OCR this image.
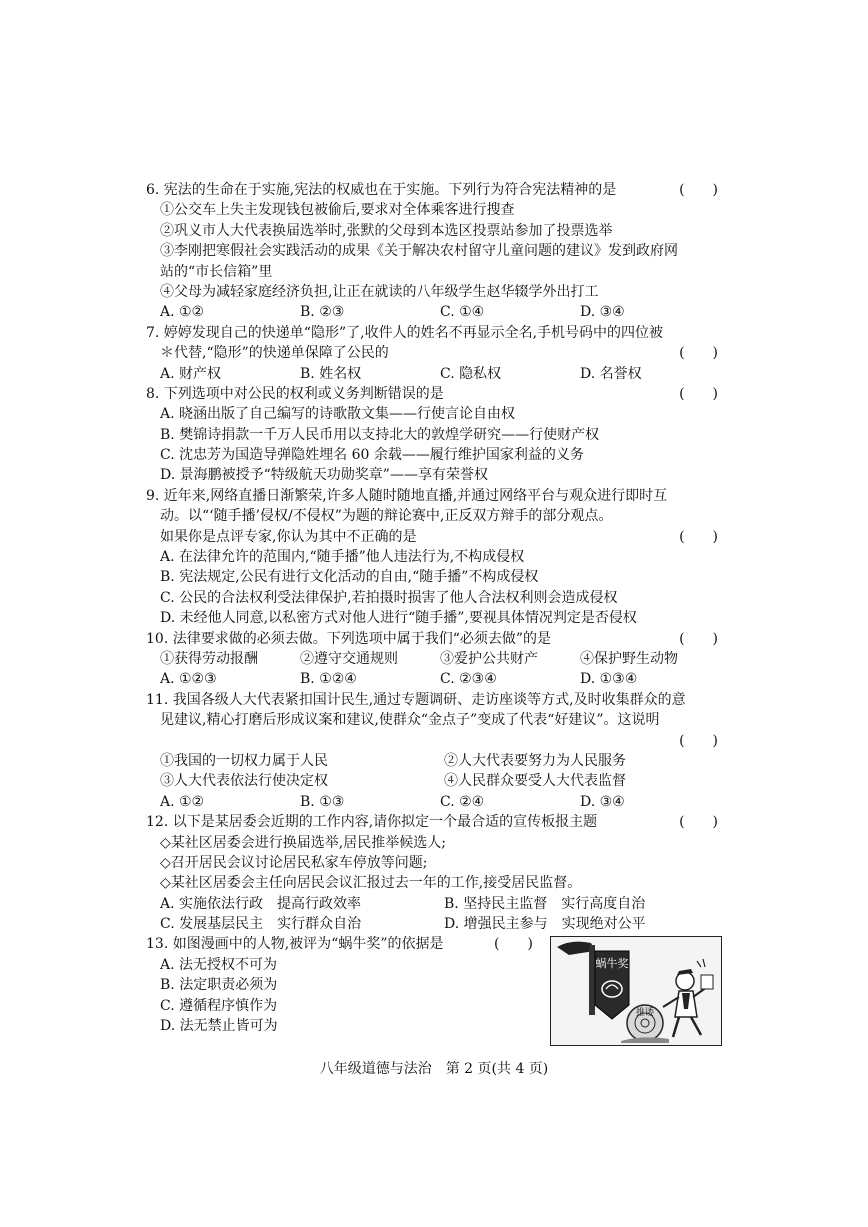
6. 宪法的生命在于实施,宪法的权威也在于实施。下列行为符合宪法精神的是	(　　)
①公交车上失主发现钱包被偷后,要求对全体乘客进行搜查
②巩义市人大代表换届选举时,张默的父母到本选区投票站参加了投票选举
③李刚把寒假社会实践活动的成果《关于解决农村留守儿童问题的建议》发到政府网
站的“市长信箱”里
④父母为减轻家庭经济负担,让正在就读的八年级学生赵华辍学外出打工
A. ①②	B. ②③	C. ①④	D. ③④
7. 婷婷发现自己的快递单“隐形”了,收件人的姓名不再显示全名,手机号码中的四位被
＊代替,“隐形”的快递单保障了公民的	(　　)
A. 财产权	B. 姓名权	C. 隐私权	D. 名誉权
8. 下列选项中对公民的权利或义务判断错误的是	(　　)
A. 晓涵出版了自己编写的诗歌散文集——行使言论自由权
B. 樊锦诗捐款一千万人民币用以支持北大的敦煌学研究——行使财产权
C. 沈忠芳为国造导弹隐姓埋名 60 余载——履行维护国家利益的义务
D. 景海鹏被授予“特级航天功勋奖章”——享有荣誉权
9. 近年来,网络直播日渐繁荣,许多人随时随地直播,并通过网络平台与观众进行即时互
动。以“‘随手播’侵权/不侵权”为题的辩论赛中,正反双方辩手的部分观点。
如果你是点评专家,你认为其中不正确的是	(　　)
A. 在法律允许的范围内,“随手播”他人违法行为,不构成侵权
B. 宪法规定,公民有进行文化活动的自由,“随手播”不构成侵权
C. 公民的合法权利受法律保护,若拍摄时损害了他人合法权利则会造成侵权
D. 未经他人同意,以私密方式对他人进行“随手播”,要视具体情况判定是否侵权
10. 法律要求做的必须去做。下列选项中属于我们“必须去做”的是	(　　)
①获得劳动报酬	②遵守交通规则	③爱护公共财产	④保护野生动物
A. ①②③	B. ①②④	C. ②③④	D. ①③④
11. 我国各级人大代表紧扣国计民生,通过专题调研、走访座谈等方式,及时收集群众的意
见建议,精心打磨后形成议案和建议,使群众“金点子”变成了代表“好建议”。这说明
(　　)
①我国的一切权力属于人民	②人大代表要努力为人民服务
③人大代表依法行使决定权	④人民群众要受人大代表监督
A. ①②	B. ①③	C. ②④	D. ③④
12. 以下是某居委会近期的工作内容,请你拟定一个最合适的宣传板报主题	(　　)
◇某社区居委会进行换届选举,居民推举候选人;
◇召开居民会议讨论居民私家车停放等问题;
◇某社区居委会主任向居民会议汇报过去一年的工作,接受居民监督。
A. 实施依法行政　提高行政效率	B. 坚持民主监督　实行高度自治
C. 发展基层民主　实行群众自治	D. 增强民主参与　实现绝对公平
13. 如图漫画中的人物,被评为“蜗牛奖”的依据是	(　　)
A. 法无授权不可为
B. 法定职责必须为
C. 遵循程序慎作为
D. 法无禁止皆可为
蜗牛奖
推诿
八年级道德与法治　第 2 页(共 4 页)
